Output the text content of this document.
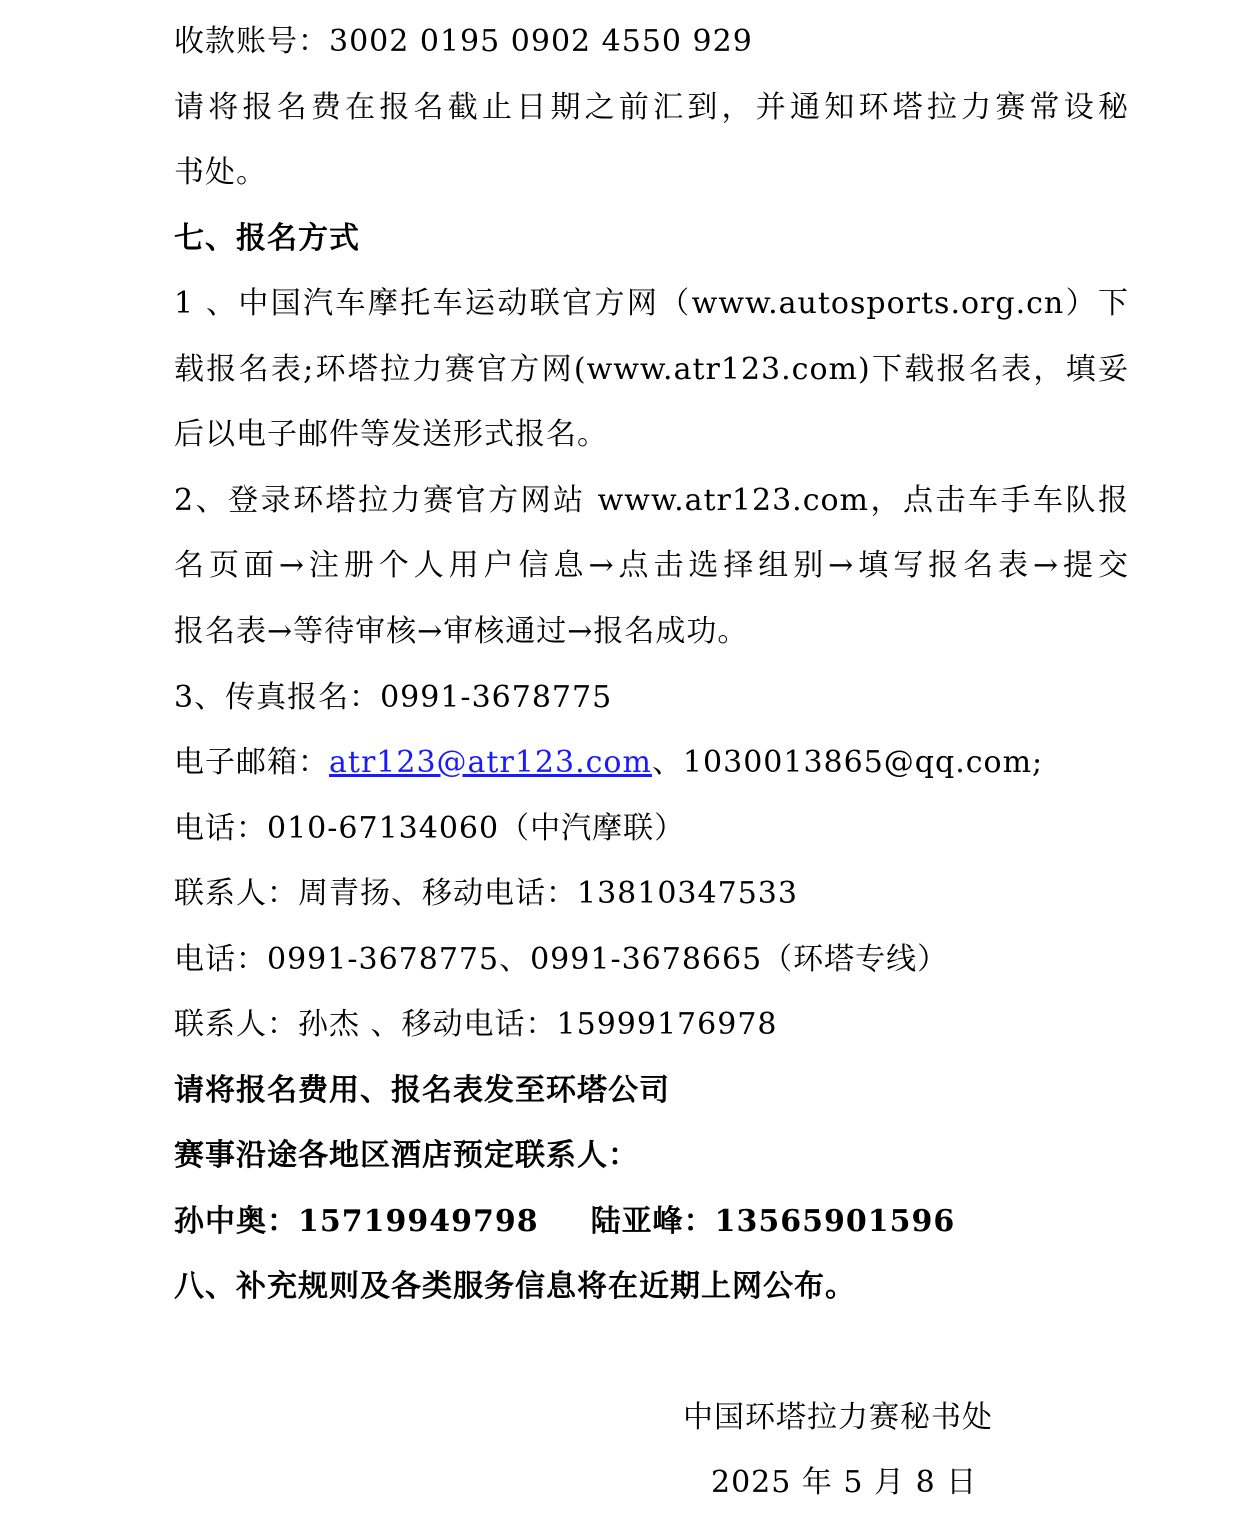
收款账号：3002 0195 0902 4550 929
请将报名费在报名截止日期之前汇到，并通知环塔拉力赛常设秘
书处。
七、报名方式
1 、中国汽车摩托车运动联官方网（www.autosports.org.cn）下
载报名表;环塔拉力赛官方网(www.atr123.com)下载报名表，填妥
后以电子邮件等发送形式报名。
2、登录环塔拉力赛官方网站 www.atr123.com，点击车手车队报
名页面→注册个人用户信息→点击选择组别→填写报名表→提交
报名表→等待审核→审核通过→报名成功。
3、传真报名：0991-3678775
电子邮箱：atr123@atr123.com、1030013865@qq.com;
电话：010-67134060（中汽摩联）
联系人：周青扬、移动电话：13810347533
电话：0991-3678775、0991-3678665（环塔专线）
联系人：孙杰 、移动电话：15999176978
请将报名费用、报名表发至环塔公司
赛事沿途各地区酒店预定联系人：
孙中奥：15719949798 陆亚峰：13565901596
八、补充规则及各类服务信息将在近期上网公布。
中国环塔拉力赛秘书处
2025 年 5 月 8 日
